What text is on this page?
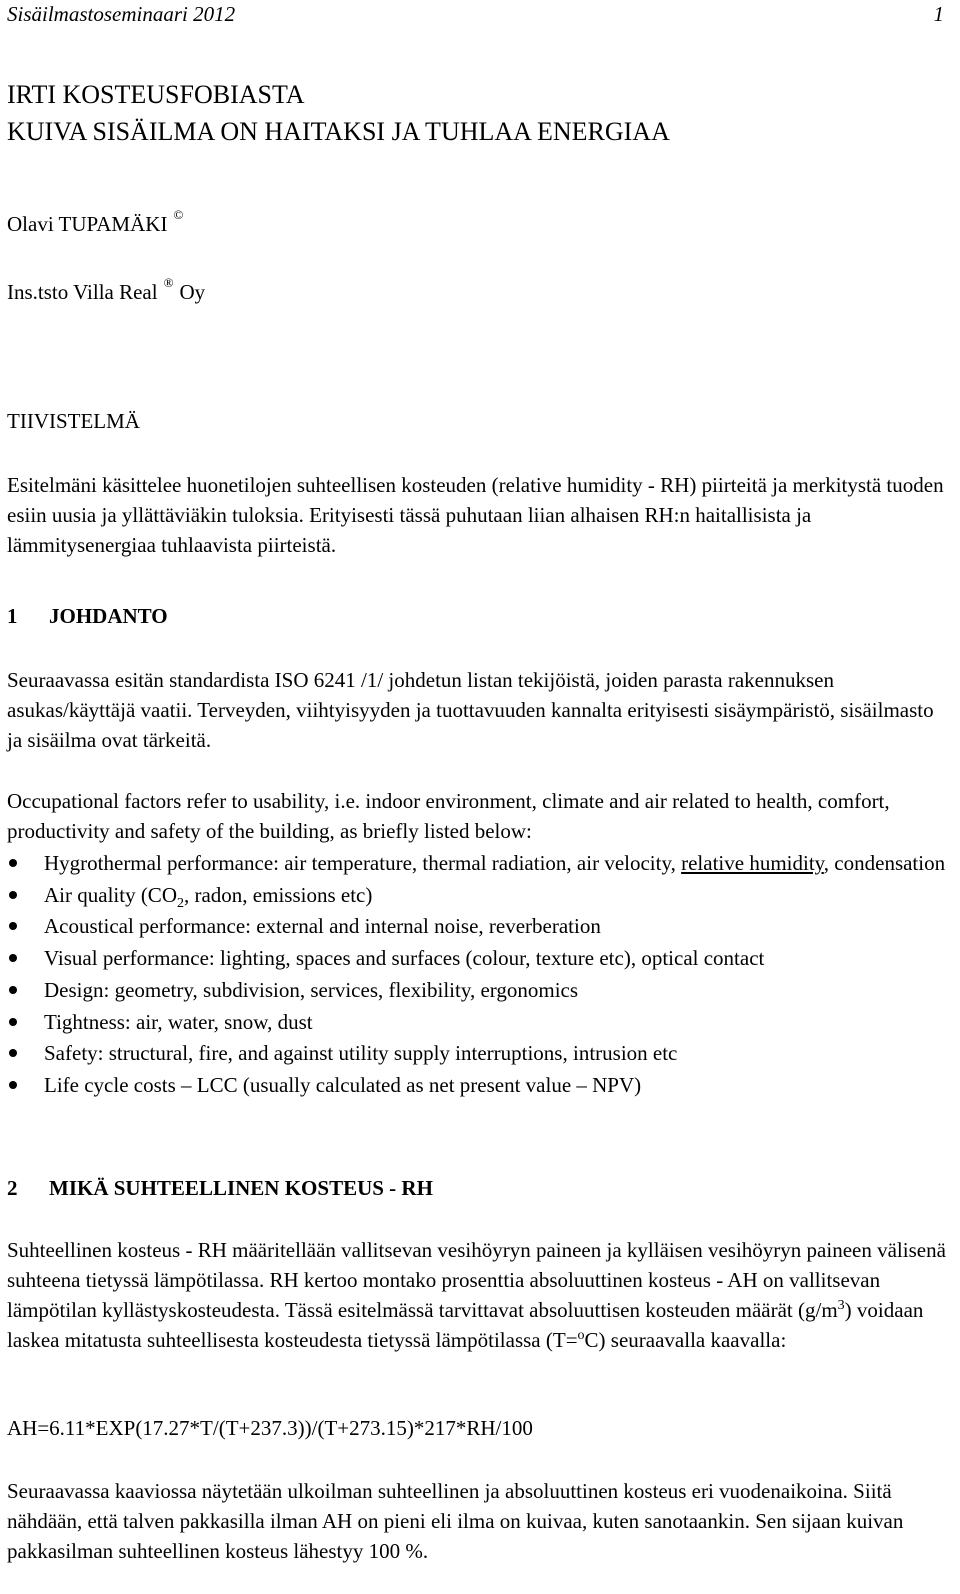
Sisäilmastoseminaari 2012	1
IRTI KOSTEUSFOBIASTA
KUIVA SISÄILMA ON HAITAKSI JA TUHLAA ENERGIAA
Olavi TUPAMÄKI ©
Ins.tsto Villa Real ® Oy
TIIVISTELMÄ
Esitelmäni käsittelee huonetilojen suhteellisen kosteuden (relative humidity - RH) piirteitä ja merkitystä tuoden esiin uusia ja yllättäviäkin tuloksia. Erityisesti tässä puhutaan liian alhaisen RH:n haitallisista ja lämmitysenergiaa tuhlaavista piirteistä.
1 JOHDANTO
Seuraavassa esitän standardista ISO 6241 /1/ johdetun listan tekijöistä, joiden parasta rakennuksen asukas/käyttäjä vaatii. Terveyden, viihtyisyyden ja tuottavuuden kannalta erityisesti sisäympäristö, sisäilmasto ja sisäilma ovat tärkeitä.
Occupational factors refer to usability, i.e. indoor environment, climate and air related to health, comfort, productivity and safety of the building, as briefly listed below:
Hygrothermal performance: air temperature, thermal radiation, air velocity, relative humidity, condensation
Air quality ($CO_2$, radon, emissions etc)
Acoustical performance: external and internal noise, reverberation
Visual performance: lighting, spaces and surfaces (colour, texture etc), optical contact
Design: geometry, subdivision, services, flexibility, ergonomics
Tightness: air, water, snow, dust
Safety: structural, fire, and against utility supply interruptions, intrusion etc
Life cycle costs – LCC (usually calculated as net present value – NPV)
2 MIKÄ SUHTEELLINEN KOSTEUS - RH
Suhteellinen kosteus - RH määritellään vallitsevan vesihöyryn paineen ja kylläisen vesihöyryn paineen välisenä suhteena tietyssä lämpötilassa. RH kertoo montako prosenttia absoluuttinen kosteus - AH on vallitsevan lämpötilan kyllästyskosteudesta. Tässä esitelmässä tarvittavat absoluuttisen kosteuden määrät $(g/m^3)$ voidaan laskea mitatusta suhteellisesta kosteudesta tietyssä lämpötilassa (T=$^o$C) seuraavalla kaavalla:
AH=6.11*EXP(17.27*T/(T+237.3))/(T+273.15)*217*RH/100
Seuraavassa kaaviossa näytetään ulkoilman suhteellinen ja absoluuttinen kosteus eri vuodenaikoina. Siitä nähdään, että talven pakkasilla ilman AH on pieni eli ilma on kuivaa, kuten sanotaankin. Sen sijaan kuivan pakkasilman suhteellinen kosteus lähestyy 100 %.
